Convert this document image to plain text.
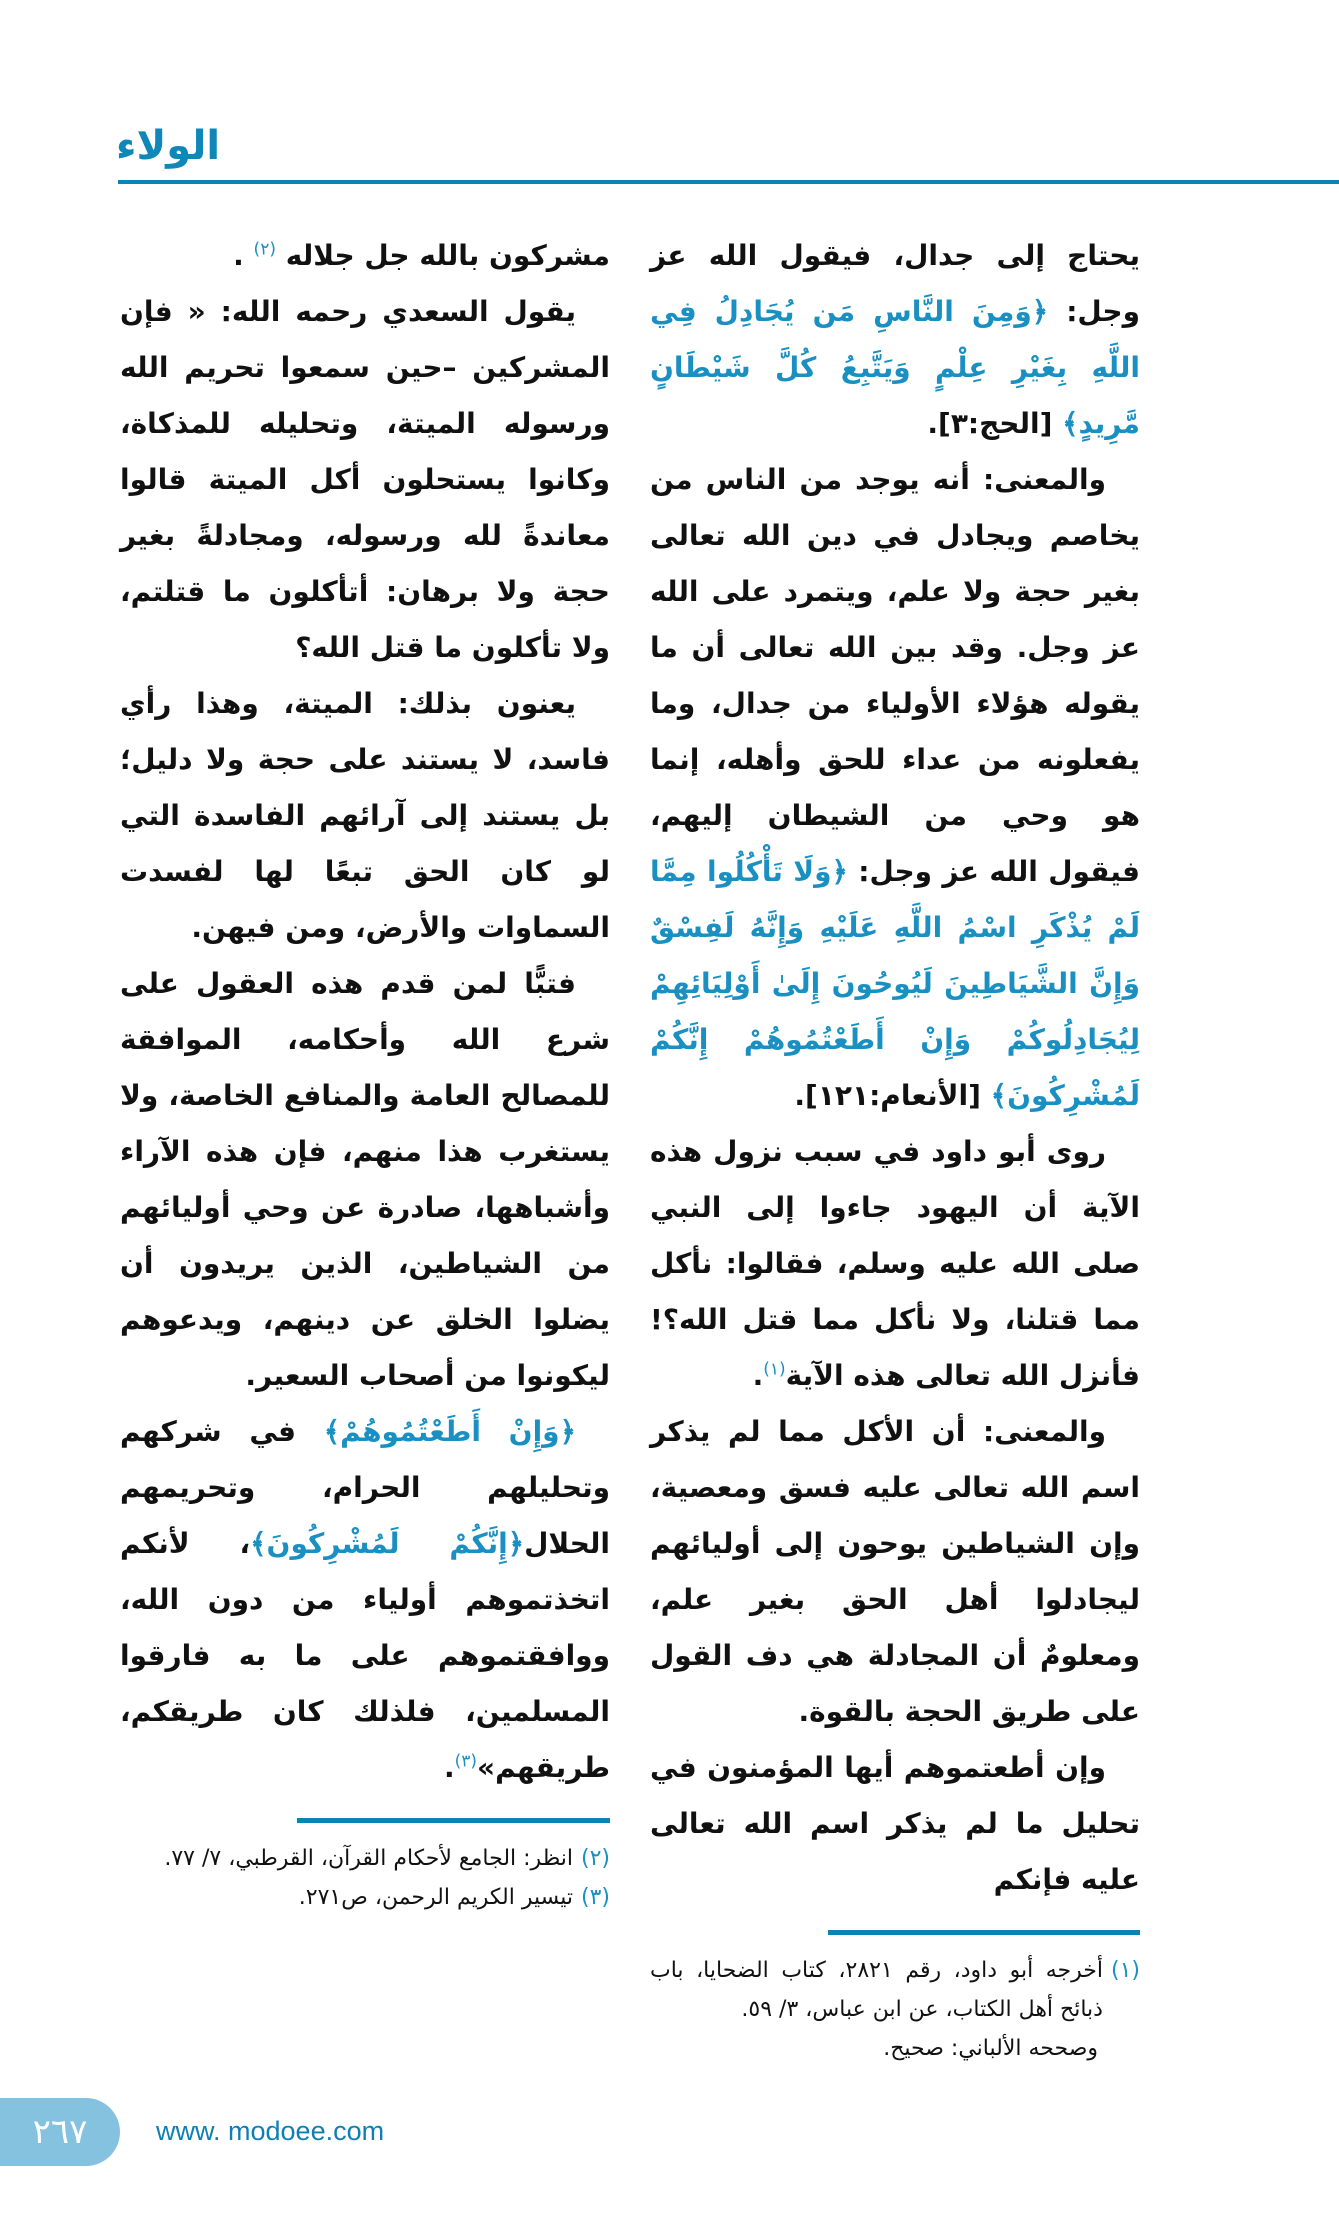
الولاء

يحتاج إلى جدال، فيقول الله عز وجل: ﴿وَمِنَ النَّاسِ مَن يُجَادِلُ فِي اللَّهِ بِغَيْرِ عِلْمٍ وَيَتَّبِعُ كُلَّ شَيْطَانٍ مَّرِيدٍ﴾ [الحج:٣].

والمعنى: أنه يوجد من الناس من يخاصم ويجادل في دين الله تعالى بغير حجة ولا علم، ويتمرد على الله عز وجل. وقد بين الله تعالى أن ما يقوله هؤلاء الأولياء من جدال، وما يفعلونه من عداء للحق وأهله، إنما هو وحي من الشيطان إليهم، فيقول الله عز وجل: ﴿وَلَا تَأْكُلُوا مِمَّا لَمْ يُذْكَرِ اسْمُ اللَّهِ عَلَيْهِ وَإِنَّهُ لَفِسْقٌ وَإِنَّ الشَّيَاطِينَ لَيُوحُونَ إِلَىٰ أَوْلِيَائِهِمْ لِيُجَادِلُوكُمْ وَإِنْ أَطَعْتُمُوهُمْ إِنَّكُمْ لَمُشْرِكُونَ﴾ [الأنعام:١٢١].

روى أبو داود في سبب نزول هذه الآية أن اليهود جاءوا إلى النبي صلى الله عليه وسلم، فقالوا: نأكل مما قتلنا، ولا نأكل مما قتل الله؟! فأنزل الله تعالى هذه الآية$^{(١)}$.

والمعنى: أن الأكل مما لم يذكر اسم الله تعالى عليه فسق ومعصية، وإن الشياطين يوحون إلى أوليائهم ليجادلوا أهل الحق بغير علم، ومعلومٌ أن المجادلة هي دف القول على طريق الحجة بالقوة.

وإن أطعتموهم أيها المؤمنون في تحليل ما لم يذكر اسم الله تعالى عليه فإنكم

(١)
أخرجه أبو داود، رقم ٢٨٢١، كتاب الضحايا، باب ذبائح أهل الكتاب، عن ابن عباس، ٣/ ٥٩.
وصححه الألباني: صحيح.

مشركون بالله جل جلاله $^{(٢)}$ .

يقول السعدي رحمه الله: « فإن المشركين –حين سمعوا تحريم الله ورسوله الميتة، وتحليله للمذكاة، وكانوا يستحلون أكل الميتة قالوا معاندةً لله ورسوله، ومجادلةً بغير حجة ولا برهان: أتأكلون ما قتلتم، ولا تأكلون ما قتل الله؟

يعنون بذلك: الميتة، وهذا رأي فاسد، لا يستند على حجة ولا دليل؛ بل يستند إلى آرائهم الفاسدة التي لو كان الحق تبعًا لها لفسدت السماوات والأرض، ومن فيهن.

فتبًّا لمن قدم هذه العقول على شرع الله وأحكامه، الموافقة للمصالح العامة والمنافع الخاصة، ولا يستغرب هذا منهم، فإن هذه الآراء وأشباهها، صادرة عن وحي أوليائهم من الشياطين، الذين يريدون أن يضلوا الخلق عن دينهم، ويدعوهم ليكونوا من أصحاب السعير.

﴿وَإِنْ أَطَعْتُمُوهُمْ﴾ في شركهم وتحليلهم الحرام، وتحريمهم الحلال﴿إِنَّكُمْ لَمُشْرِكُونَ﴾، لأنكم اتخذتموهم أولياء من دون الله، ووافقتموهم على ما به فارقوا المسلمين، فلذلك كان طريقكم، طريقهم»$^{(٣)}$.

(٢)
انظر: الجامع لأحكام القرآن، القرطبي، ٧/ ٧٧.
(٣)
تيسير الكريم الرحمن، ص٢٧١.
٢٦٧	www. modoee.com
